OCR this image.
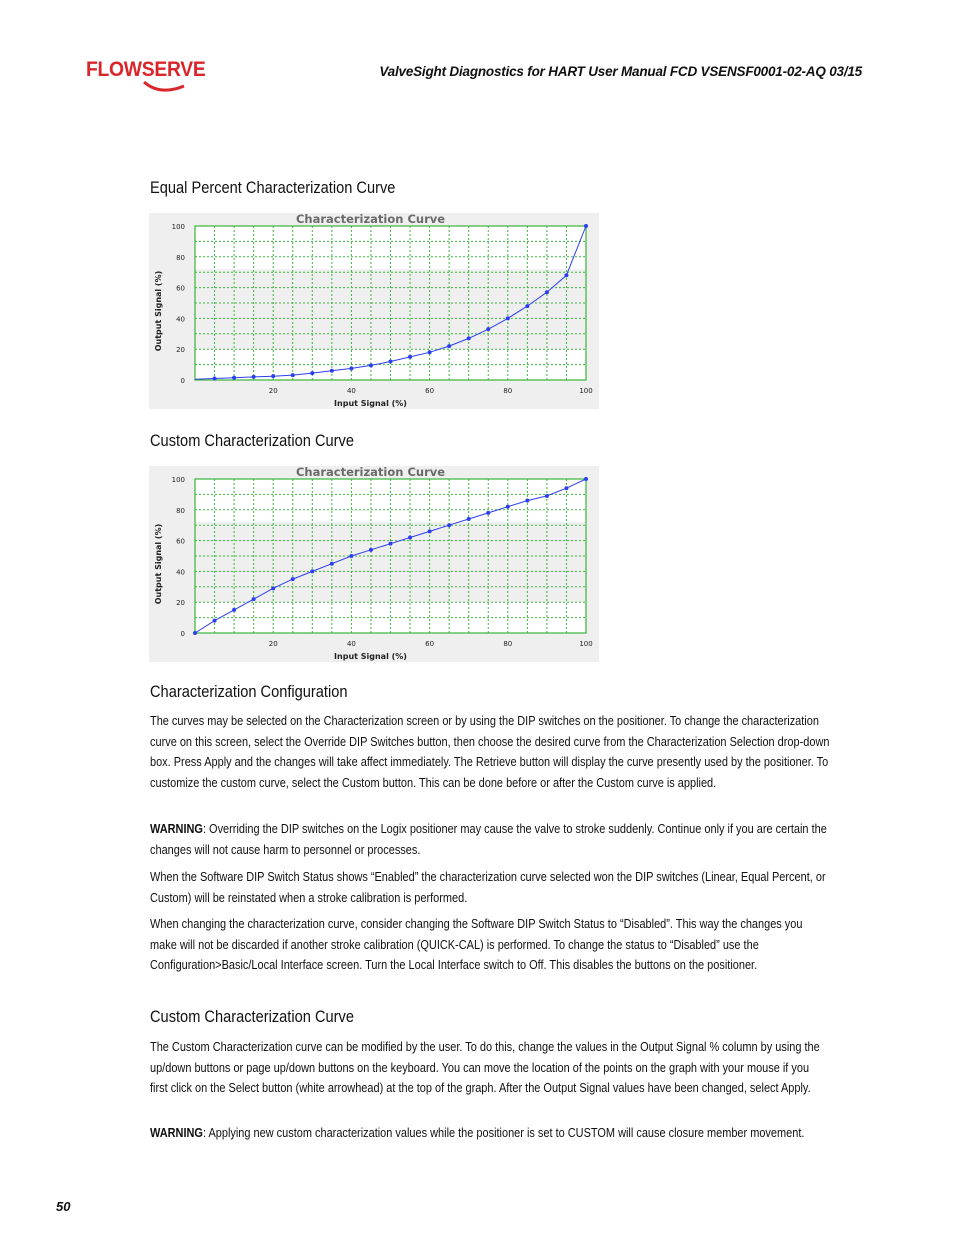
FLOWSERVE	ValveSight Diagnostics for HART User Manual FCD VSENSF0001-02-AQ 03/15
Equal Percent Characterization Curve
Characterization Curve
0
20
40
60
80
100
20	40	60	80	100
Input Signal (%)
Output Signal (%)
Custom Characterization Curve
Characterization Curve
0
20
40
60
80
100
20	40	60	80	100
Input Signal (%)
Output Signal (%)
Characterization Configuration
The curves may be selected on the Characterization screen or by using the DIP switches on the positioner. To change the characterization curve on this screen, select the Override DIP Switches button, then choose the desired curve from the Characterization Selection drop-down box. Press Apply and the changes will take affect immediately. The Retrieve button will display the curve presently used by the positioner. To customize the custom curve, select the Custom button. This can be done before or after the Custom curve is applied.
WARNING: Overriding the DIP switches on the Logix positioner may cause the valve to stroke suddenly. Continue only if you are certain the changes will not cause harm to personnel or processes.
When the Software DIP Switch Status shows “Enabled” the characterization curve selected won the DIP switches (Linear, Equal Percent, or Custom) will be reinstated when a stroke calibration is performed.
When changing the characterization curve, consider changing the Software DIP Switch Status to “Disabled”. This way the changes you make will not be discarded if another stroke calibration (QUICK-CAL) is performed. To change the status to “Disabled” use the Configuration>Basic/Local Interface screen. Turn the Local Interface switch to Off. This disables the buttons on the positioner.
Custom Characterization Curve
The Custom Characterization curve can be modified by the user. To do this, change the values in the Output Signal % column by using the up/down buttons or page up/down buttons on the keyboard. You can move the location of the points on the graph with your mouse if you first click on the Select button (white arrowhead) at the top of the graph. After the Output Signal values have been changed, select Apply.
WARNING: Applying new custom characterization values while the positioner is set to CUSTOM will cause closure member movement.
50
